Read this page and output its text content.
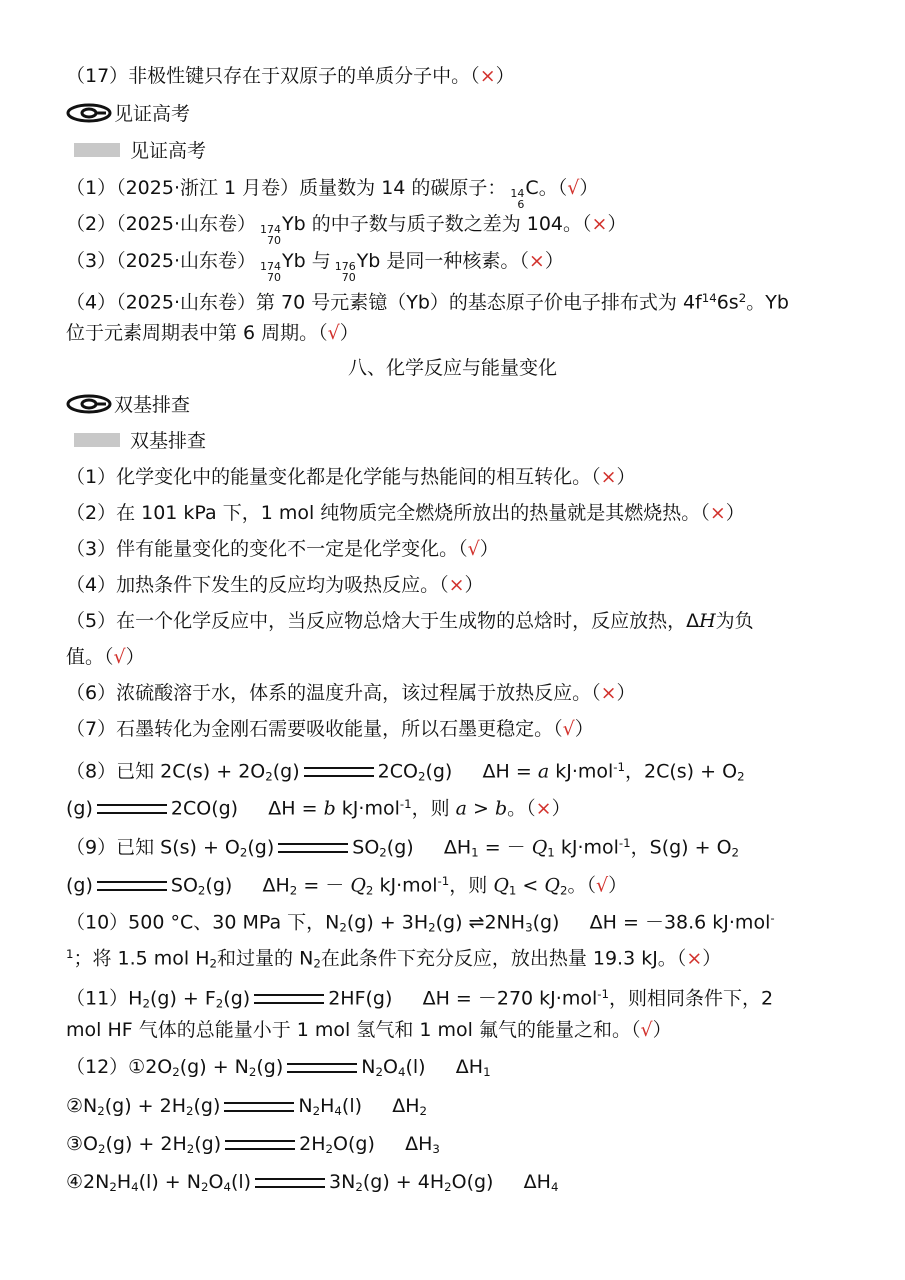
（17）非极性键只存在于双原子的单质分子中。（×）
见证高考
见证高考
（1）（2025·浙江 1 月卷）质量数为 14 的碳原子： 14
6
C。（√）
（2）（2025·山东卷） 174
70
Yb 的中子数与质子数之差为 104。（×）
（3）（2025·山东卷） 174
70
Yb 与 176
70
Yb 是同一种核素。（×）
（4）（2025·山东卷）第 70 号元素镱（Yb）的基态原子价电子排布式为 $4f^{14}6s^2$。Yb
位于元素周期表中第 6 周期。（√）
八、化学反应与能量变化
双基排查
双基排查
（1）化学变化中的能量变化都是化学能与热能间的相互转化。（×）
（2）在 101 kPa 下，1 mol 纯物质完全燃烧所放出的热量就是其燃烧热。（×）
（3）伴有能量变化的变化不一定是化学变化。（√）
（4）加热条件下发生的反应均为吸热反应。（×）
（5）在一个化学反应中，当反应物总焓大于生成物的总焓时，反应放热，ΔH为负
值。（√）
（6）浓硫酸溶于水，体系的温度升高，该过程属于放热反应。（×）
（7）石墨转化为金刚石需要吸收能量，所以石墨更稳定。（√）
（8）已知 $2C(s) + 2O_2(g)$	$2CO_2(g) \Delta H = a$ kJ·mol$^{-1}$，$2C(s) + O_2$
(g)	2CO(g) ΔH = b kJ·mol$^{-1}$，则 a > b。（×）
（9）已知 $S(s) + O_2(g)$	$SO_2(g) \Delta H_1$ = － $Q_1$ kJ·mol$^{-1}$，$S(g) + O_2$
(g)	$SO_2(g) \Delta H_2$ = － $Q_2$ kJ·mol$^{-1}$，则 $Q_1 < Q_2$。（√）
（10）500 °C、30 MPa 下，$N_2(g) + 3H_2(g)$ $\rightleftharpoons 2NH_3(g) \Delta H = -38.6$ kJ·mol-
$^1$；将 1.5 mol $H_2$和过量的 $N_2$在此条件下充分反应，放出热量 19.3 kJ。（×）
$(11)H_2(g) + F_2(g)$	2HF(g) ΔH = －270 kJ·mol$^{-1}$，则相同条件下，2
mol HF 气体的总能量小于 1 mol 氢气和 1 mol 氟气的能量之和。（√）
$(12)①2O_2(g) + N_2(g)$	$N_2O_4(l)$ $\Delta H_1$
$②N_2(g) + 2H_2(g)$	$N_2H_4(l)$ $\Delta H_2$
$③O_2(g) + 2H_2(g)$	$2H_2O(g)$ $\Delta H_3$
$④2N_2H_4(l) + N_2O_4(l)$	$3N_2(g) + 4H_2O(g)$ $\Delta H_4$
